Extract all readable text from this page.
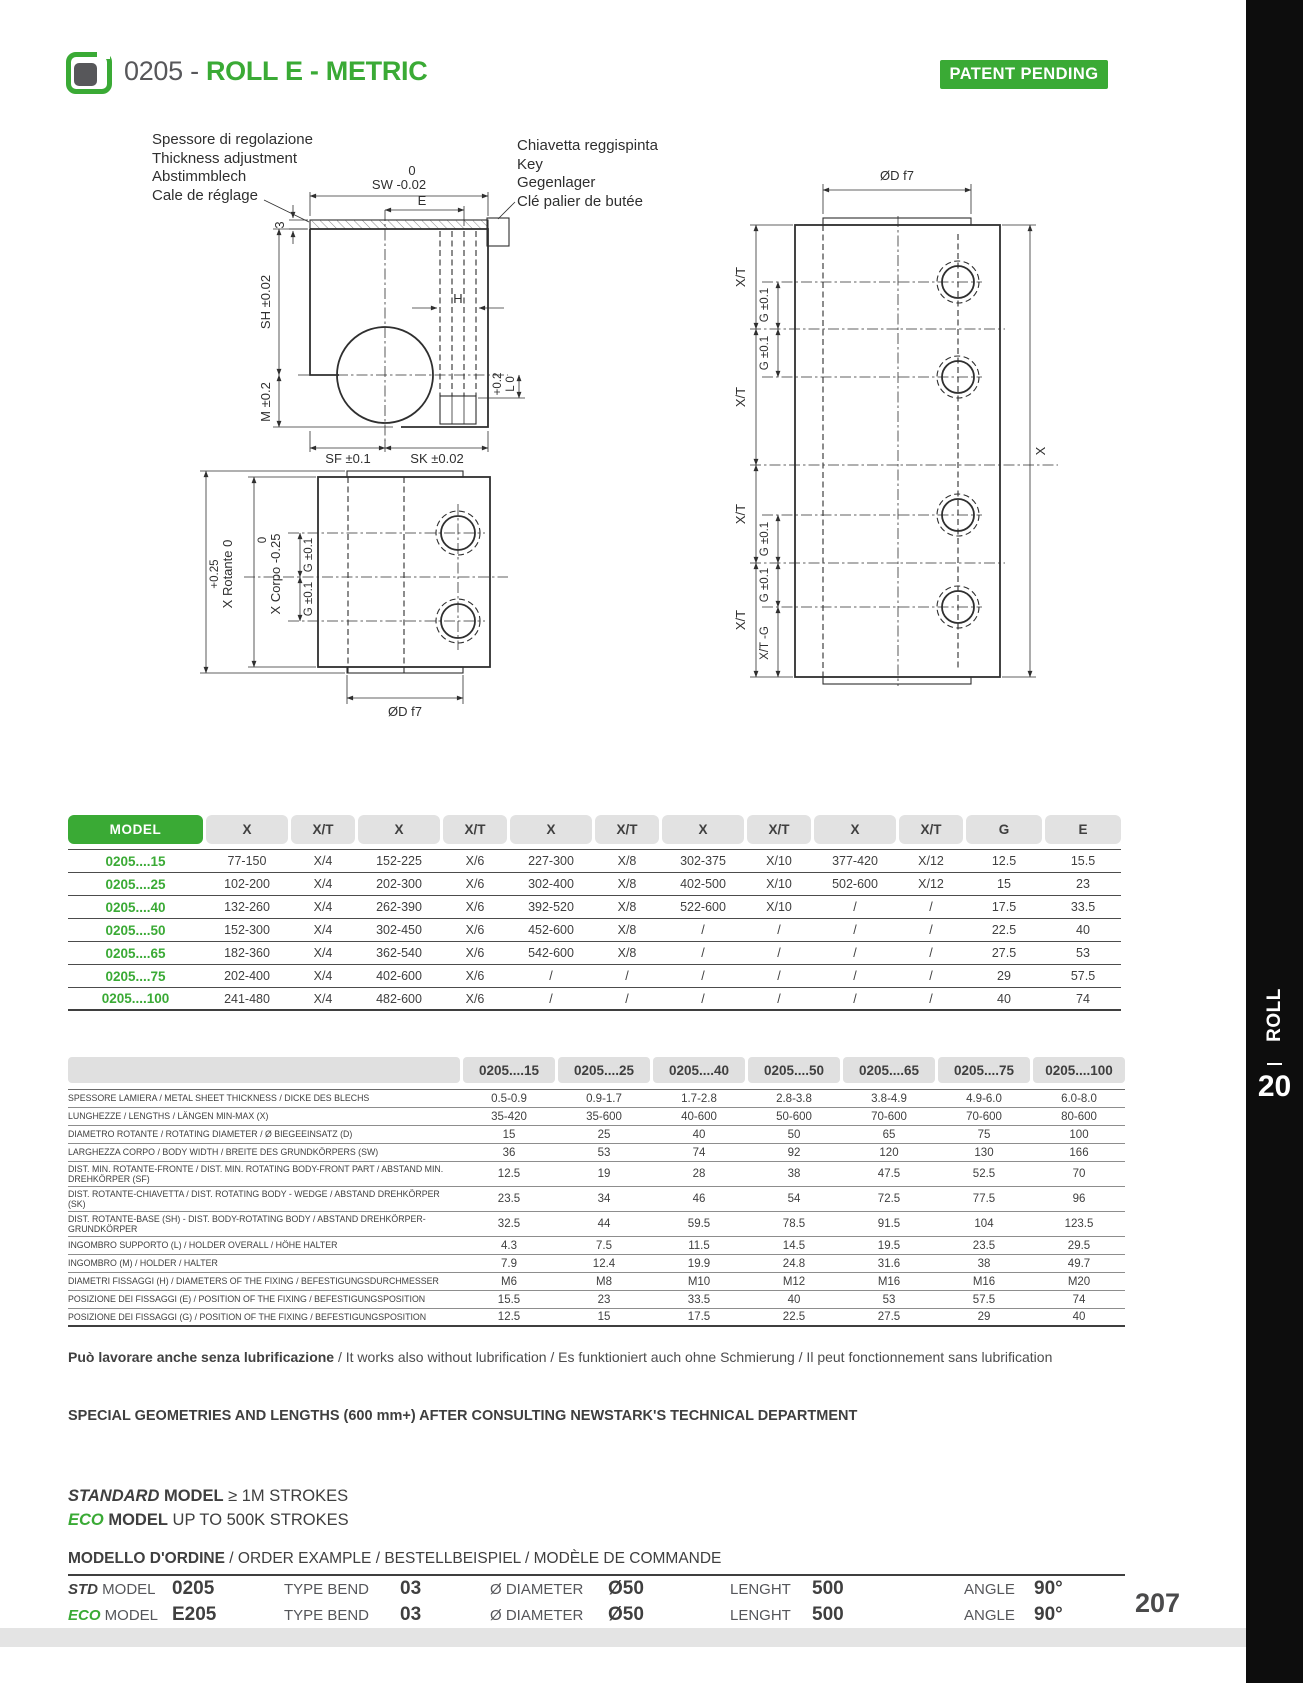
0205 - ROLL E - METRIC	PATENT PENDING
Spessore di regolazione
Thickness adjustment
Abstimmblech
Cale de réglage
Chiavetta reggispinta
Key
Gegenlager
Clé palier de butée
0
SW -0.02
E
3
SH ±0.02
M ±0.2
H
+0.2 L 0
SF ±0.1	SK ±0.02
+0.25 X Rotante 0 0 X Corpo -0.25 G ±0.1
G ±0.1
ØD f7
ØD f7
X/T
X/T
X/T
X/T
G ±0.1
G ±0.1
G ±0.1
G ±0.1
X/T -G
X
MODEL	X	X/T	X	X/T	X	X/T	X	X/T	X	X/T	G	E
0205....15	77-150	X/4	152-225	X/6	227-300	X/8	302-375	X/10	377-420	X/12	12.5	15.5
0205....25	102-200	X/4	202-300	X/6	302-400	X/8	402-500	X/10	502-600	X/12	15	23
0205....40	132-260	X/4	262-390	X/6	392-520	X/8	522-600	X/10	/	/	17.5	33.5
0205....50	152-300	X/4	302-450	X/6	452-600	X/8	/	/	/	/	22.5	40
0205....65	182-360	X/4	362-540	X/6	542-600	X/8	/	/	/	/	27.5	53
0205....75	202-400	X/4	402-600	X/6	/	/	/	/	/	/	29	57.5
0205....100	241-480	X/4	482-600	X/6	/	/	/	/	/	/	40	74
0205....15	0205....25	0205....40	0205....50	0205....65	0205....75	0205....100
SPESSORE LAMIERA / METAL SHEET THICKNESS / DICKE DES BLECHS	0.5-0.9	0.9-1.7	1.7-2.8	2.8-3.8	3.8-4.9	4.9-6.0	6.0-8.0
LUNGHEZZE / LENGTHS / LÄNGEN MIN-MAX (X)	35-420	35-600	40-600	50-600	70-600	70-600	80-600
DIAMETRO ROTANTE / ROTATING DIAMETER / Ø BIEGEEINSATZ (D)	15	25	40	50	65	75	100
LARGHEZZA CORPO / BODY WIDTH / BREITE DES GRUNDKÖRPERS (SW)	36	53	74	92	120	130	166
DIST. MIN. ROTANTE-FRONTE / DIST. MIN. ROTATING BODY-FRONT PART / ABSTAND MIN. DREHKÖRPER (SF)	12.5	19	28	38	47.5	52.5	70
DIST. ROTANTE-CHIAVETTA / DIST. ROTATING BODY - WEDGE / ABSTAND DREHKÖRPER (SK)	23.5	34	46	54	72.5	77.5	96
DIST. ROTANTE-BASE (SH) - DIST. BODY-ROTATING BODY / ABSTAND DREHKÖRPER-GRUNDKÖRPER	32.5	44	59.5	78.5	91.5	104	123.5
INGOMBRO SUPPORTO (L) / HOLDER OVERALL / HÖHE HALTER	4.3	7.5	11.5	14.5	19.5	23.5	29.5
INGOMBRO (M) / HOLDER / HALTER	7.9	12.4	19.9	24.8	31.6	38	49.7
DIAMETRI FISSAGGI (H) / DIAMETERS OF THE FIXING / BEFESTIGUNGSDURCHMESSER	M6	M8	M10	M12	M16	M16	M20
POSIZIONE DEI FISSAGGI (E) / POSITION OF THE FIXING / BEFESTIGUNGSPOSITION	15.5	23	33.5	40	53	57.5	74
POSIZIONE DEI FISSAGGI (G) / POSITION OF THE FIXING / BEFESTIGUNGSPOSITION	12.5	15	17.5	22.5	27.5	29	40

Può lavorare anche senza lubrificazione / It works also without lubrification / Es funktioniert auch ohne Schmierung / Il peut fonctionnement sans lubrification

SPECIAL GEOMETRIES AND LENGTHS (600 mm+) AFTER CONSULTING NEWSTARK'S TECHNICAL DEPARTMENT

STANDARD MODEL ≥ 1M STROKES
ECO MODEL UP TO 500K STROKES
MODELLO D'ORDINE / ORDER EXAMPLE / BESTELLBEISPIEL / MODÈLE DE COMMANDE
STD MODEL 0205	TYPE BEND	03	Ø DIAMETER	Ø50	LENGHT	500	ANGLE	90°
ECO MODEL E205	TYPE BEND	03	Ø DIAMETER	Ø50	LENGHT	500	ANGLE	90°	207
ROLL
20
